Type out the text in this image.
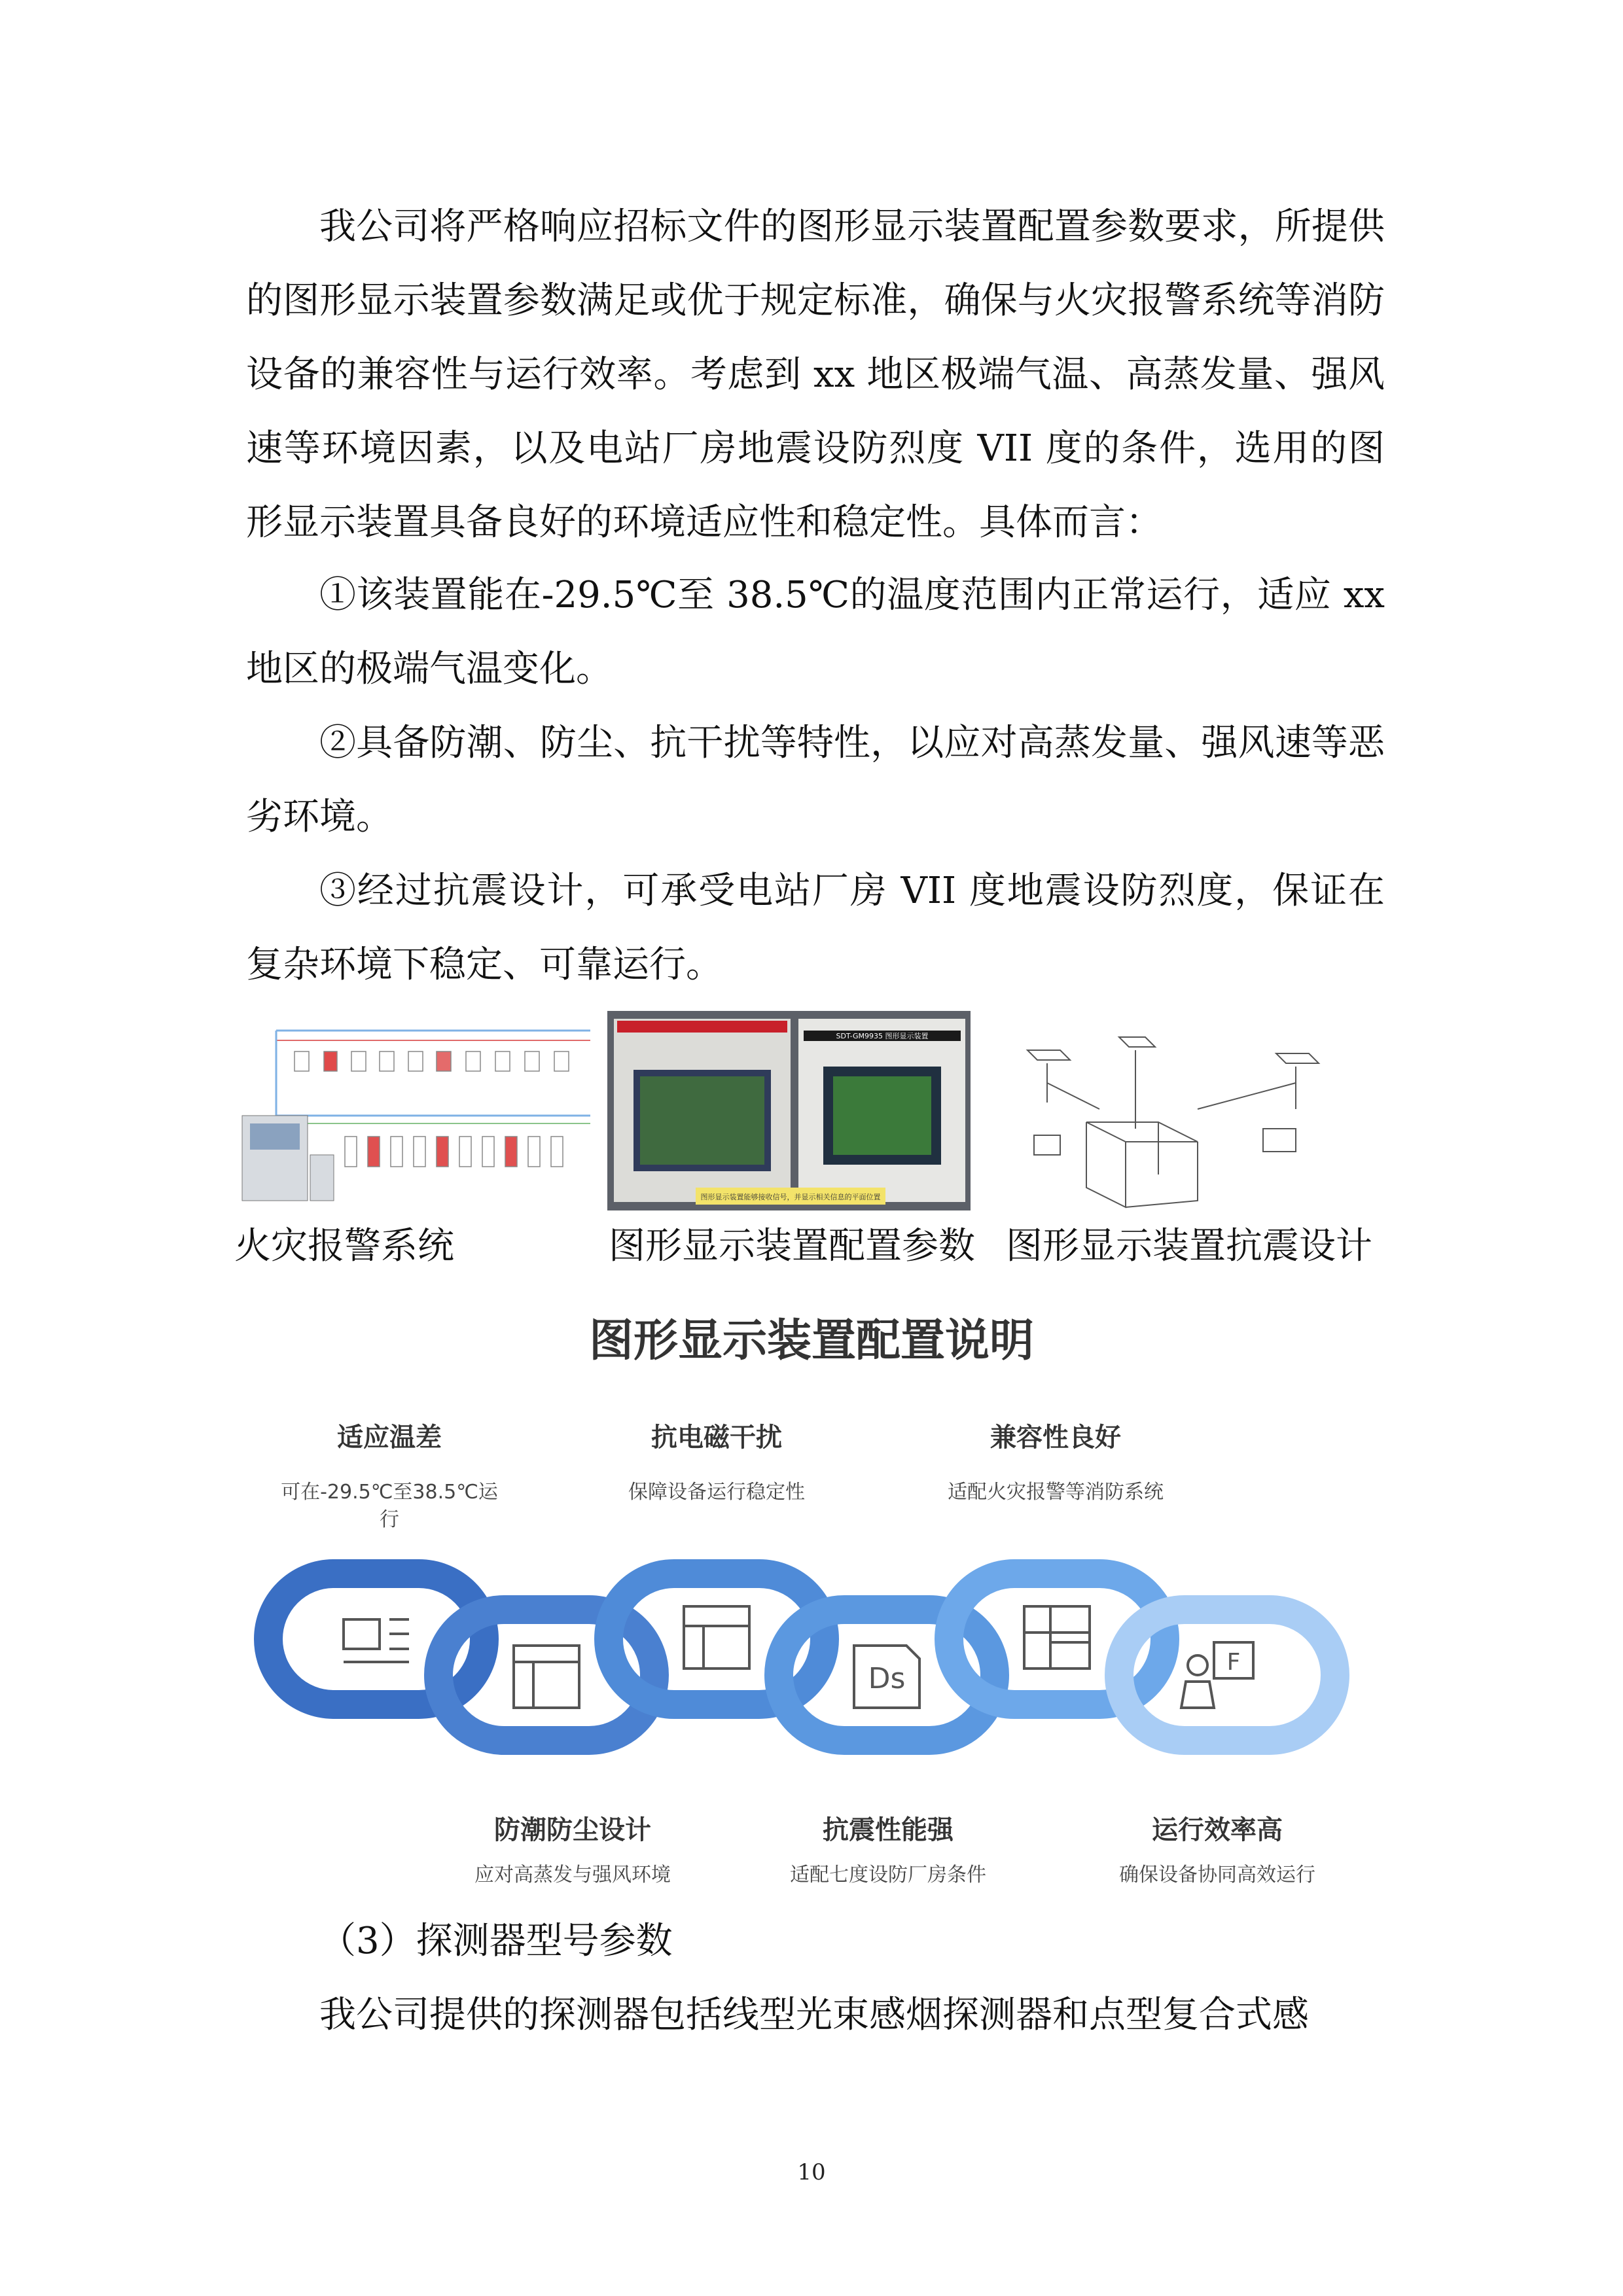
我公司将严格响应招标文件的图形显示装置配置参数要求，所提供的图形显示装置参数满足或优于规定标准，确保与火灾报警系统等消防设备的兼容性与运行效率。考虑到 xx 地区极端气温、高蒸发量、强风速等环境因素，以及电站厂房地震设防烈度 VII 度的条件，选用的图形显示装置具备良好的环境适应性和稳定性。具体而言：

①该装置能在-29.5℃至 38.5℃的温度范围内正常运行，适应 xx 地区的极端气温变化。

②具备防潮、防尘、抗干扰等特性，以应对高蒸发量、强风速等恶劣环境。

③经过抗震设计，可承受电站厂房 VII 度地震设防烈度，保证在复杂环境下稳定、可靠运行。

图形显示装置能够接收信号，并显示相关信息的平面位置
SDT-GM9935 图形显示装置
火灾报警系统	图形显示装置配置参数 图形显示装置抗震设计
图形显示装置配置说明
适应温差
可在-29.5℃至38.5℃运行
抗电磁干扰
保障设备运行稳定性
兼容性良好
适配火灾报警等消防系统
Ds	F
防潮防尘设计
应对高蒸发与强风环境
抗震性能强
适配七度设防厂房条件
运行效率高
确保设备协同高效运行

（3）探测器型号参数

我公司提供的探测器包括线型光束感烟探测器和点型复合式感

10
